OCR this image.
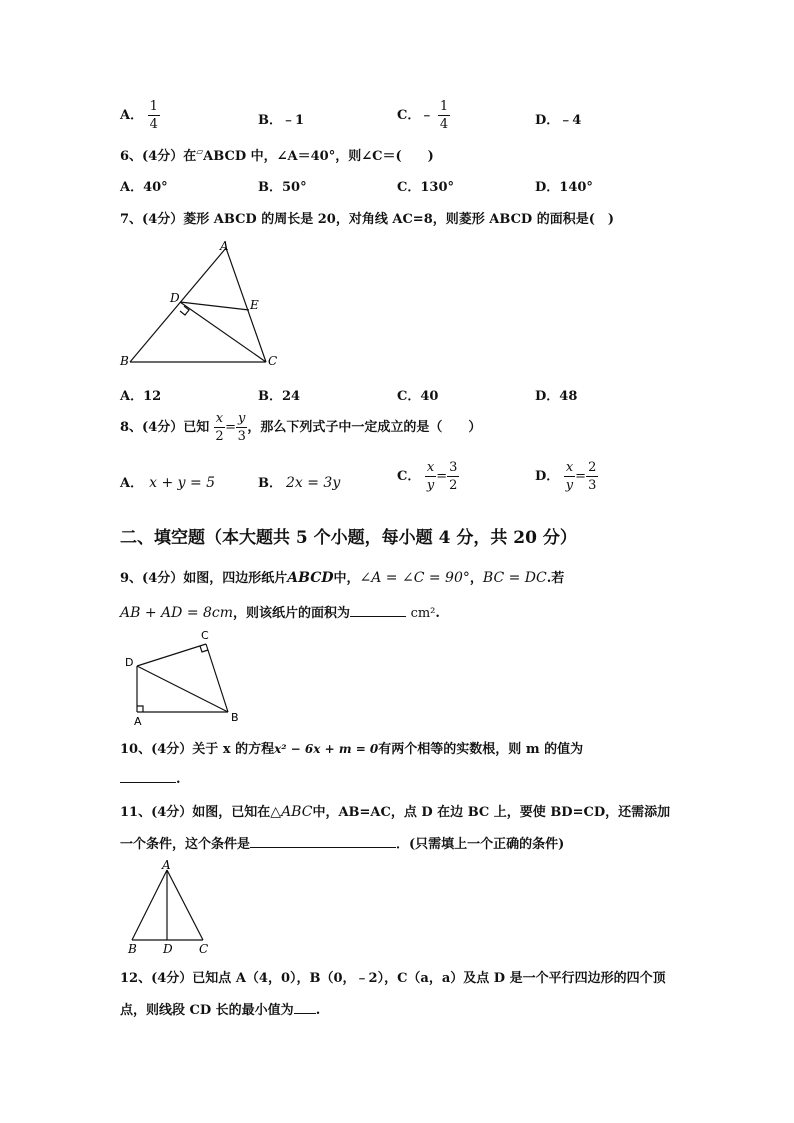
A． $\frac{1}{4}$	B．﹣1	C．﹣ $\frac{1}{4}$	D．﹣4
6、(4分）在▱ABCD 中，∠A＝40°，则∠C＝(　　)
A．40°	B．50°	C．130°	D．140°
7、(4分）菱形 ABCD 的周长是 20，对角线 AC=8，则菱形 ABCD 的面积是(　)
A
B	C
D	E
A．12	B．24	C．40	D．48
8、(4分）已知 $\frac{x}{2} = \frac{y}{3}$ ，那么下列式子中一定成立的是（　　）
A． x + y = 5	B． 2x = 3y	C． $\frac{x}{y} = \frac{3}{2}$	D． $\frac{x}{y} = \frac{2}{3}$
二、填空题（本大题共 5 个小题，每小题 4 分，共 20 分）
9、(4分）如图，四边形纸片ABCD中，∠A = ∠C = 90°，BC = DC.若
AB + AD = 8cm，则该纸片的面积为	cm².
C
D
A	B
10、(4分）关于 x 的方程x² − 6x + m = 0有两个相等的实数根，则 m 的值为
.
11、(4分）如图，已知在△ABC中，AB=AC，点 D 在边 BC 上，要使 BD=CD，还需添加
一个条件，这个条件是	．(只需填上一个正确的条件)
A
B D C
12、(4分）已知点 A（4，0），B（0，﹣2），C（a，a）及点 D 是一个平行四边形的四个顶
点，则线段 CD 长的最小值为 .
